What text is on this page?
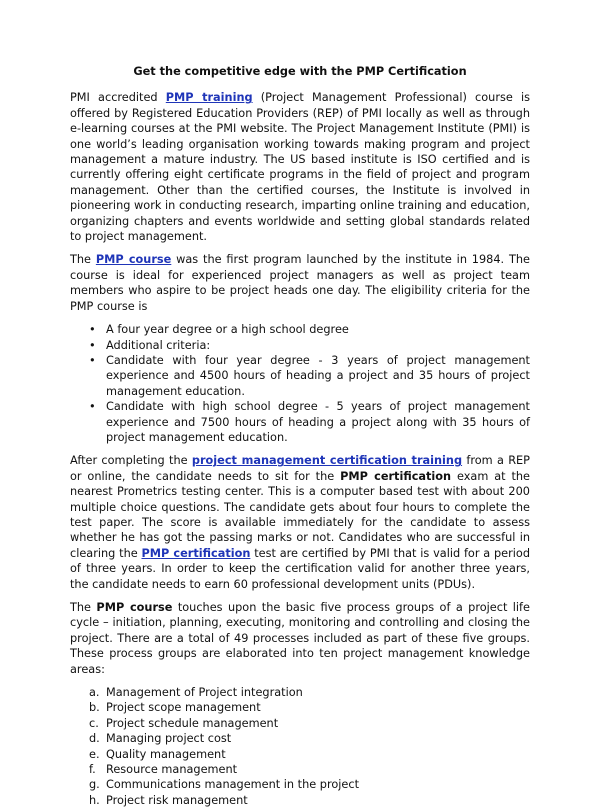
Get the competitive edge with the PMP Certification

PMI accredited PMP training (Project Management Professional) course is offered by Registered Education Providers (REP) of PMI locally as well as through e-learning courses at the PMI website. The Project Management Institute (PMI) is one world’s leading organisation working towards making program and project management a mature industry. The US based institute is ISO certified and is currently offering eight certificate programs in the field of project and program management. Other than the certified courses, the Institute is involved in pioneering work in conducting research, imparting online training and education, organizing chapters and events worldwide and setting global standards related to project management.

The PMP course was the first program launched by the institute in 1984. The course is ideal for experienced project managers as well as project team members who aspire to be project heads one day. The eligibility criteria for the PMP course is

• A four year degree or a high school degree
• Additional criteria:
• Candidate with four year degree - 3 years of project management experience and 4500 hours of heading a project and 35 hours of project management education.
• Candidate with high school degree - 5 years of project management experience and 7500 hours of heading a project along with 35 hours of project management education.

After completing the project management certification training from a REP or online, the candidate needs to sit for the PMP certification exam at the nearest Prometrics testing center. This is a computer based test with about 200 multiple choice questions. The candidate gets about four hours to complete the test paper. The score is available immediately for the candidate to assess whether he has got the passing marks or not. Candidates who are successful in clearing the PMP certification test are certified by PMI that is valid for a period of three years. In order to keep the certification valid for another three years, the candidate needs to earn 60 professional development units (PDUs).

The PMP course touches upon the basic five process groups of a project life cycle – initiation, planning, executing, monitoring and controlling and closing the project. There are a total of 49 processes included as part of these five groups. These process groups are elaborated into ten project management knowledge areas:

a. Management of Project integration
b. Project scope management
c. Project schedule management
d. Managing project cost
e. Quality management
f. Resource management
g. Communications management in the project
h. Project risk management
